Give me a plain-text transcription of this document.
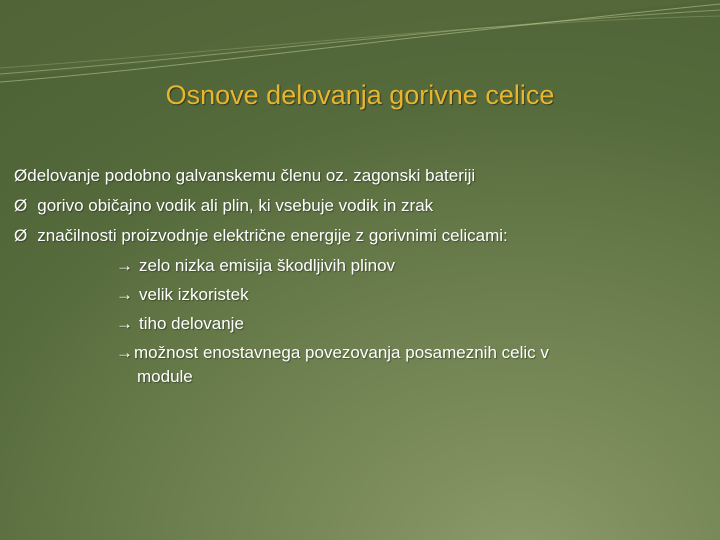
Osnove delovanja gorivne celice
Ødelovanje podobno galvanskemu členu oz. zagonski bateriji
Ø gorivo običajno vodik ali plin, ki vsebuje vodik in zrak
Ø značilnosti proizvodnje električne energije z gorivnimi celicami:
→ zelo nizka emisija škodljivih plinov
→ velik izkoristek
→ tiho delovanje
→možnost enostavnega povezovanja posameznih celic v
module
